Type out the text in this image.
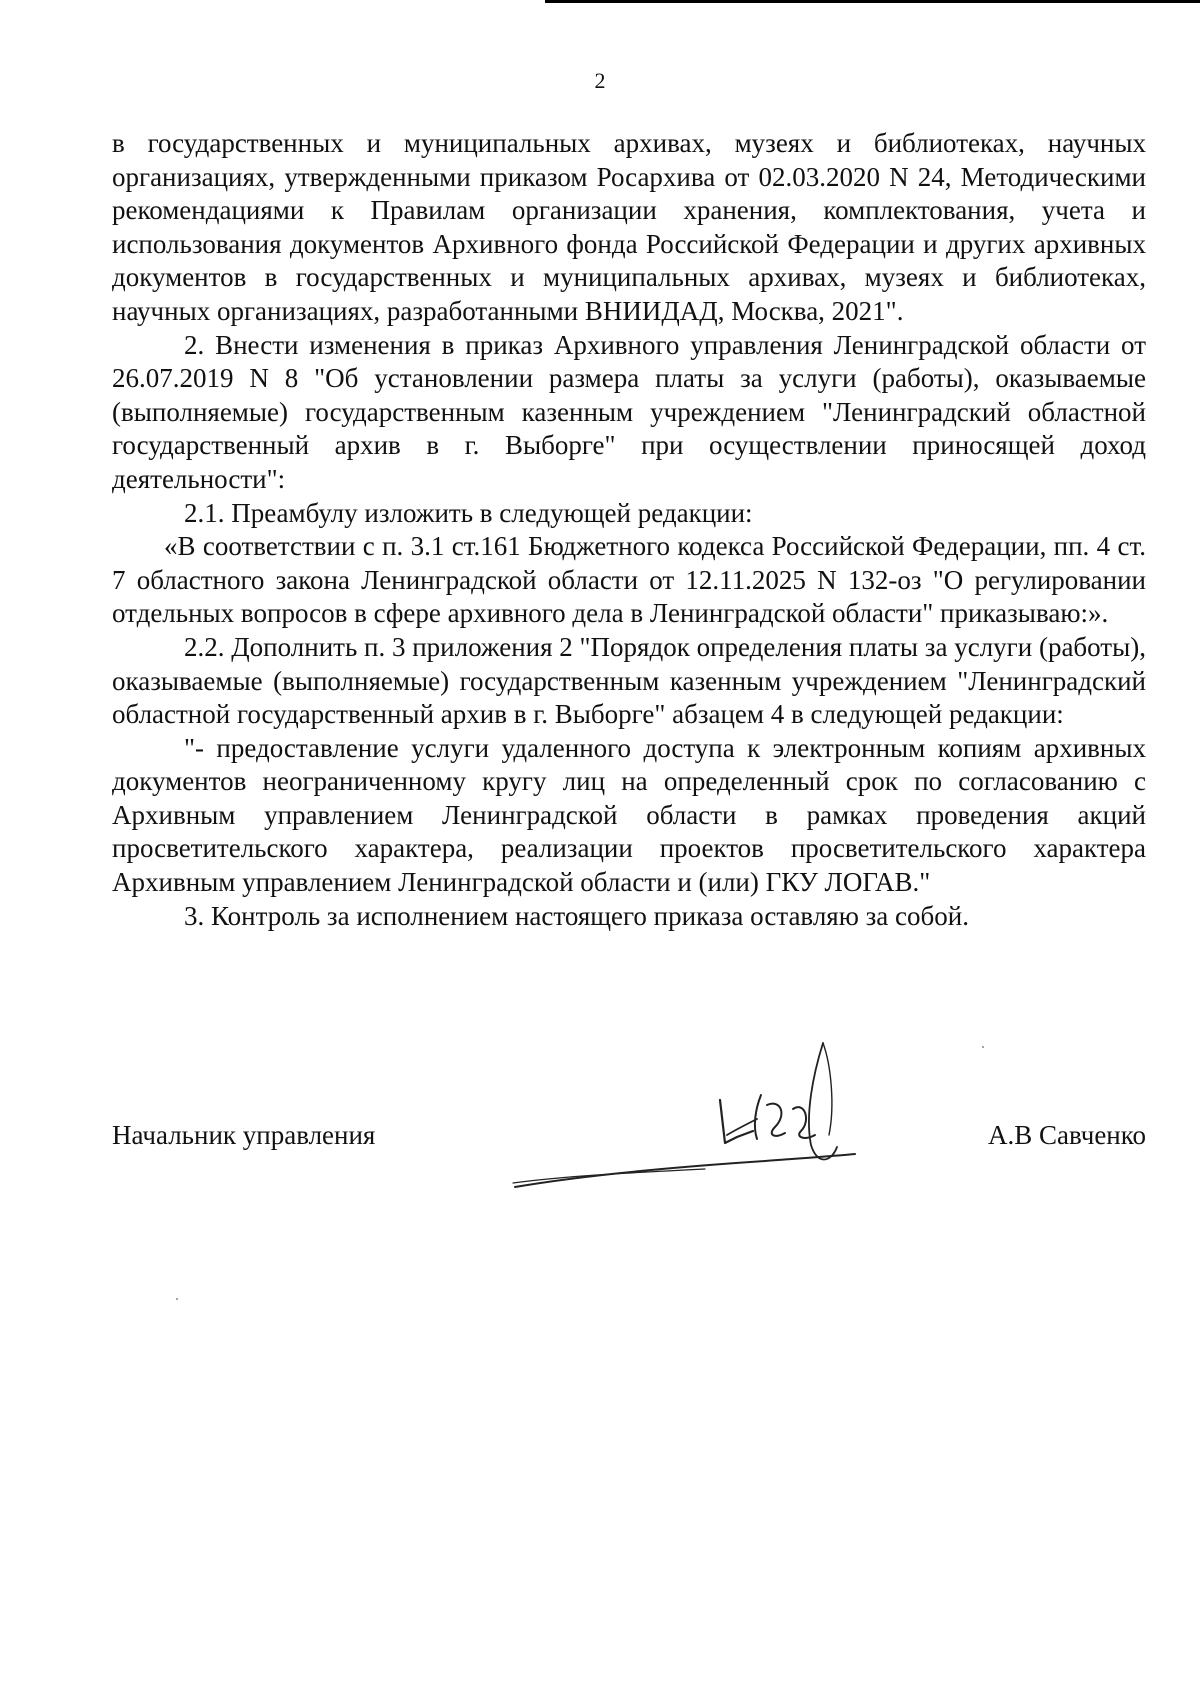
2

в государственных и муниципальных архивах, музеях и библиотеках, научных организациях, утвержденными приказом Росархива от 02.03.2020 N 24, Методическими рекомендациями к Правилам организации хранения, комплектования, учета и использования документов Архивного фонда Российской Федерации и других архивных документов в государственных и муниципальных архивах, музеях и библиотеках, научных организациях, разработанными ВНИИДАД, Москва, 2021".

2. Внести изменения в приказ Архивного управления Ленинградской области от 26.07.2019 N 8 "Об установлении размера платы за услуги (работы), оказываемые (выполняемые) государственным казенным учреждением "Ленинградский областной государственный архив в г. Выборге" при осуществлении приносящей доход деятельности":

2.1. Преамбулу изложить в следующей редакции:

«В соответствии с п. 3.1 ст.161 Бюджетного кодекса Российской Федерации, пп. 4 ст. 7 областного закона Ленинградской области от 12.11.2025 N 132-оз "О регулировании отдельных вопросов в сфере архивного дела в Ленинградской области" приказываю:».

2.2. Дополнить п. 3 приложения 2 "Порядок определения платы за услуги (работы), оказываемые (выполняемые) государственным казенным учреждением "Ленинградский областной государственный архив в г. Выборге" абзацем 4 в следующей редакции:

"- предоставление услуги удаленного доступа к электронным копиям архивных документов неограниченному кругу лиц на определенный срок по согласованию с Архивным управлением Ленинградской области в рамках проведения акций просветительского характера, реализации проектов просветительского характера Архивным управлением Ленинградской области и (или) ГКУ ЛОГАВ."

3. Контроль за исполнением настоящего приказа оставляю за собой.

Начальник управления	А.В Савченко
